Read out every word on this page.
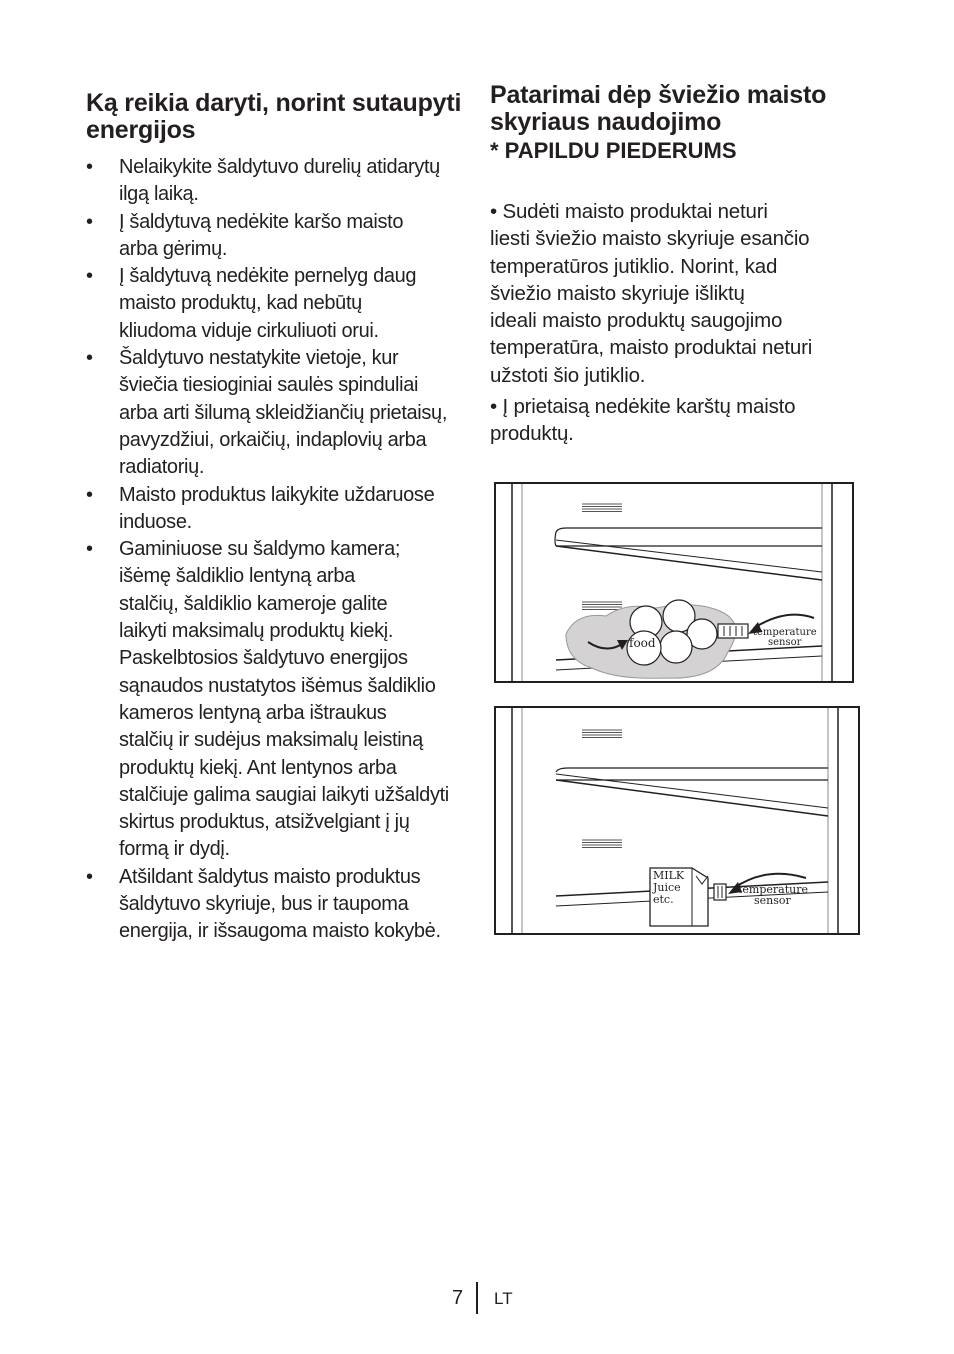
Ką reikia daryti, norint sutaupyti energijos
• Nelaikykite šaldytuvo durelių atidarytų
ilgą laiką.
• Į šaldytuvą nedėkite karšo maisto
arba gėrimų.
• Į šaldytuvą nedėkite pernelyg daug
maisto produktų, kad nebūtų
kliudoma viduje cirkuliuoti orui.
• Šaldytuvo nestatykite vietoje, kur
šviečia tiesioginiai saulės spinduliai
arba arti šilumą skleidžiančių prietaisų,
pavyzdžiui, orkaičių, indaplovių arba
radiatorių.
• Maisto produktus laikykite uždaruose
induose.
• Gaminiuose su šaldymo kamera;
išėmę šaldiklio lentyną arba
stalčių, šaldiklio kameroje galite
laikyti maksimalų produktų kiekį.
Paskelbtosios šaldytuvo energijos
sąnaudos nustatytos išėmus šaldiklio
kameros lentyną arba ištraukus
stalčių ir sudėjus maksimalų leistiną
produktų kiekį. Ant lentynos arba
stalčiuje galima saugiai laikyti užšaldyti
skirtus produktus, atsižvelgiant į jų
formą ir dydį.
• Atšildant šaldytus maisto produktus
šaldytuvo skyriuje, bus ir taupoma
energija, ir išsaugoma maisto kokybė.
Patarimai dėp šviežio maisto skyriaus naudojimo
* PAPILDU PIEDERUMS

• Sudėti maisto produktai neturi
liesti šviežio maisto skyriuje esančio
temperatūros jutiklio. Norint, kad
šviežio maisto skyriuje išliktų
ideali maisto produktų saugojimo
temperatūra, maisto produktai neturi
užstoti šio jutiklio.

• Į prietaisą nedėkite karštų maisto
produktų.

food
temperature
sensor
MILK
Juice
etc.
temperature
sensor
7 LT
